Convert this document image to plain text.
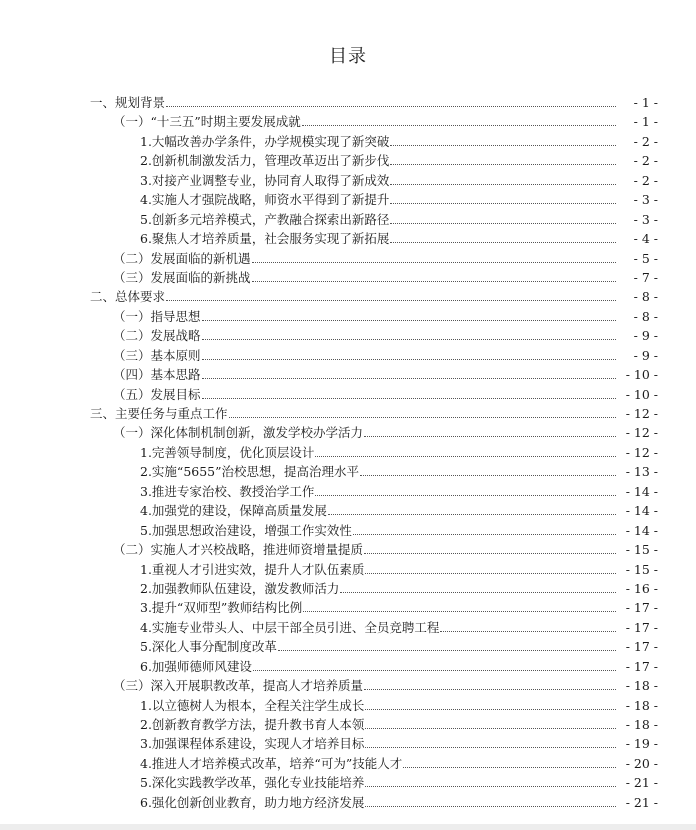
目录
一、规划背景	- 1 -
（一）“十三五”时期主要发展成就	- 1 -
1.大幅改善办学条件，办学规模实现了新突破	- 2 -
2.创新机制激发活力，管理改革迈出了新步伐	- 2 -
3.对接产业调整专业，协同育人取得了新成效	- 2 -
4.实施人才强院战略，师资水平得到了新提升	- 3 -
5.创新多元培养模式，产教融合探索出新路径	- 3 -
6.聚焦人才培养质量，社会服务实现了新拓展	- 4 -
（二）发展面临的新机遇	- 5 -
（三）发展面临的新挑战	- 7 -
二、总体要求	- 8 -
（一）指导思想	- 8 -
（二）发展战略	- 9 -
（三）基本原则	- 9 -
（四）基本思路	- 10 -
（五）发展目标	- 10 -
三、主要任务与重点工作	- 12 -
（一）深化体制机制创新，激发学校办学活力	- 12 -
1.完善领导制度，优化顶层设计	- 12 -
2.实施“5655”治校思想，提高治理水平	- 13 -
3.推进专家治校、教授治学工作	- 14 -
4.加强党的建设，保障高质量发展	- 14 -
5.加强思想政治建设，增强工作实效性	- 14 -
（二）实施人才兴校战略，推进师资增量提质	- 15 -
1.重视人才引进实效，提升人才队伍素质	- 15 -
2.加强教师队伍建设，激发教师活力	- 16 -
3.提升“双师型”教师结构比例	- 17 -
4.实施专业带头人、中层干部全员引进、全员竞聘工程	- 17 -
5.深化人事分配制度改革	- 17 -
6.加强师德师风建设	- 17 -
（三）深入开展职教改革，提高人才培养质量	- 18 -
1.以立德树人为根本，全程关注学生成长	- 18 -
2.创新教育教学方法，提升教书育人本领	- 18 -
3.加强课程体系建设，实现人才培养目标	- 19 -
4.推进人才培养模式改革，培养“可为”技能人才	- 20 -
5.深化实践教学改革，强化专业技能培养	- 21 -
6.强化创新创业教育，助力地方经济发展	- 21 -
